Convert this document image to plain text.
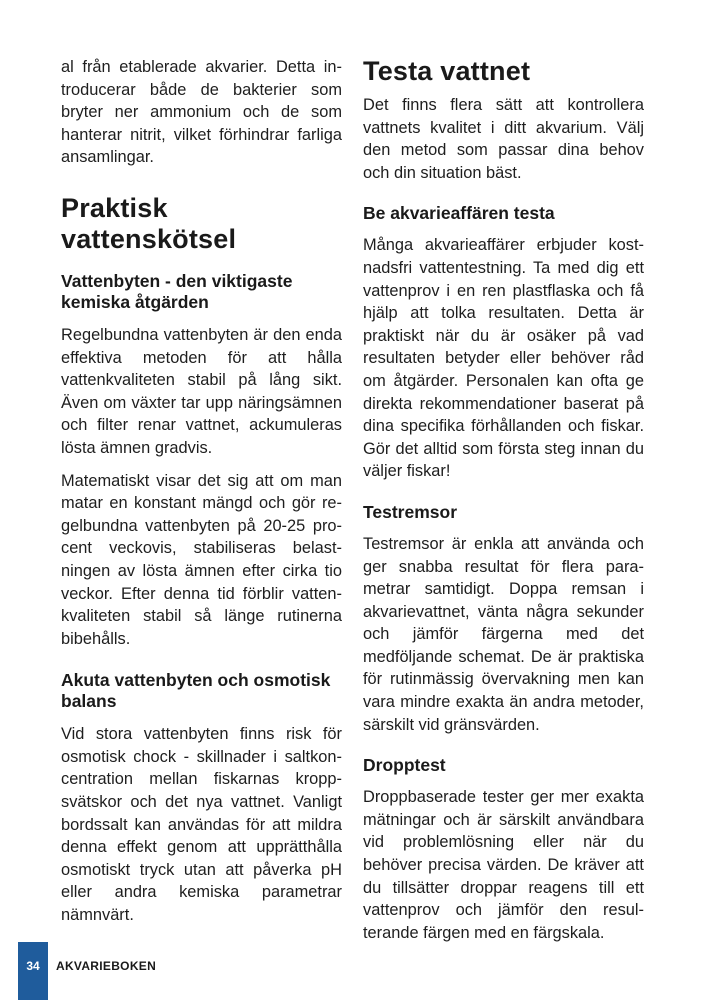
al från etablerade akvarier. Detta introducerar både de bakterier som bryter ner ammonium och de som hanterar nitrit, vilket förhindrar farliga ansamlingar.

Praktisk vattenskötsel
Vattenbyten - den viktigaste kemiska åtgärden

Regelbundna vattenbyten är den enda effektiva metoden för att hålla vattenkvaliteten stabil på lång sikt. Även om växter tar upp näringsämnen och filter renar vattnet, ackumuleras lösta ämnen gradvis.

Matematiskt visar det sig att om man matar en konstant mängd och gör regelbundna vattenbyten på 20-25 procent veckovis, stabiliseras belastningen av lösta ämnen efter cirka tio veckor. Efter denna tid förblir vattenkvaliteten stabil så länge rutinerna bibehålls.

Akuta vattenbyten och osmotisk balans

Vid stora vattenbyten finns risk för osmotisk chock - skillnader i saltkoncentration mellan fiskarnas kroppsvätskor och det nya vattnet. Vanligt bordssalt kan användas för att mildra denna effekt genom att upprätthålla osmotiskt tryck utan att påverka pH eller andra kemiska parametrar nämnvärt.

Testa vattnet

Det finns flera sätt att kontrollera vattnets kvalitet i ditt akvarium. Välj den metod som passar dina behov och din situation bäst.

Be akvarieaffären testa

Många akvarieaffärer erbjuder kostnadsfri vattentestning. Ta med dig ett vattenprov i en ren plastflaska och få hjälp att tolka resultaten. Detta är praktiskt när du är osäker på vad resultaten betyder eller behöver råd om åtgärder. Personalen kan ofta ge direkta rekommendationer baserat på dina specifika förhållanden och fiskar. Gör det alltid som första steg innan du väljer fiskar!

Testremsor

Testremsor är enkla att använda och ger snabba resultat för flera parametrar samtidigt. Doppa remsan i akvarievattnet, vänta några sekunder och jämför färgerna med det medföljande schemat. De är praktiska för rutinmässig övervakning men kan vara mindre exakta än andra metoder, särskilt vid gränsvärden.

Dropptest

Droppbaserade tester ger mer exakta mätningar och är särskilt användbara vid problemlösning eller när du behöver precisa värden. De kräver att du tillsätter droppar reagens till ett vattenprov och jämför den resulterande färgen med en färgskala.

34	AKVARIEBOKEN
